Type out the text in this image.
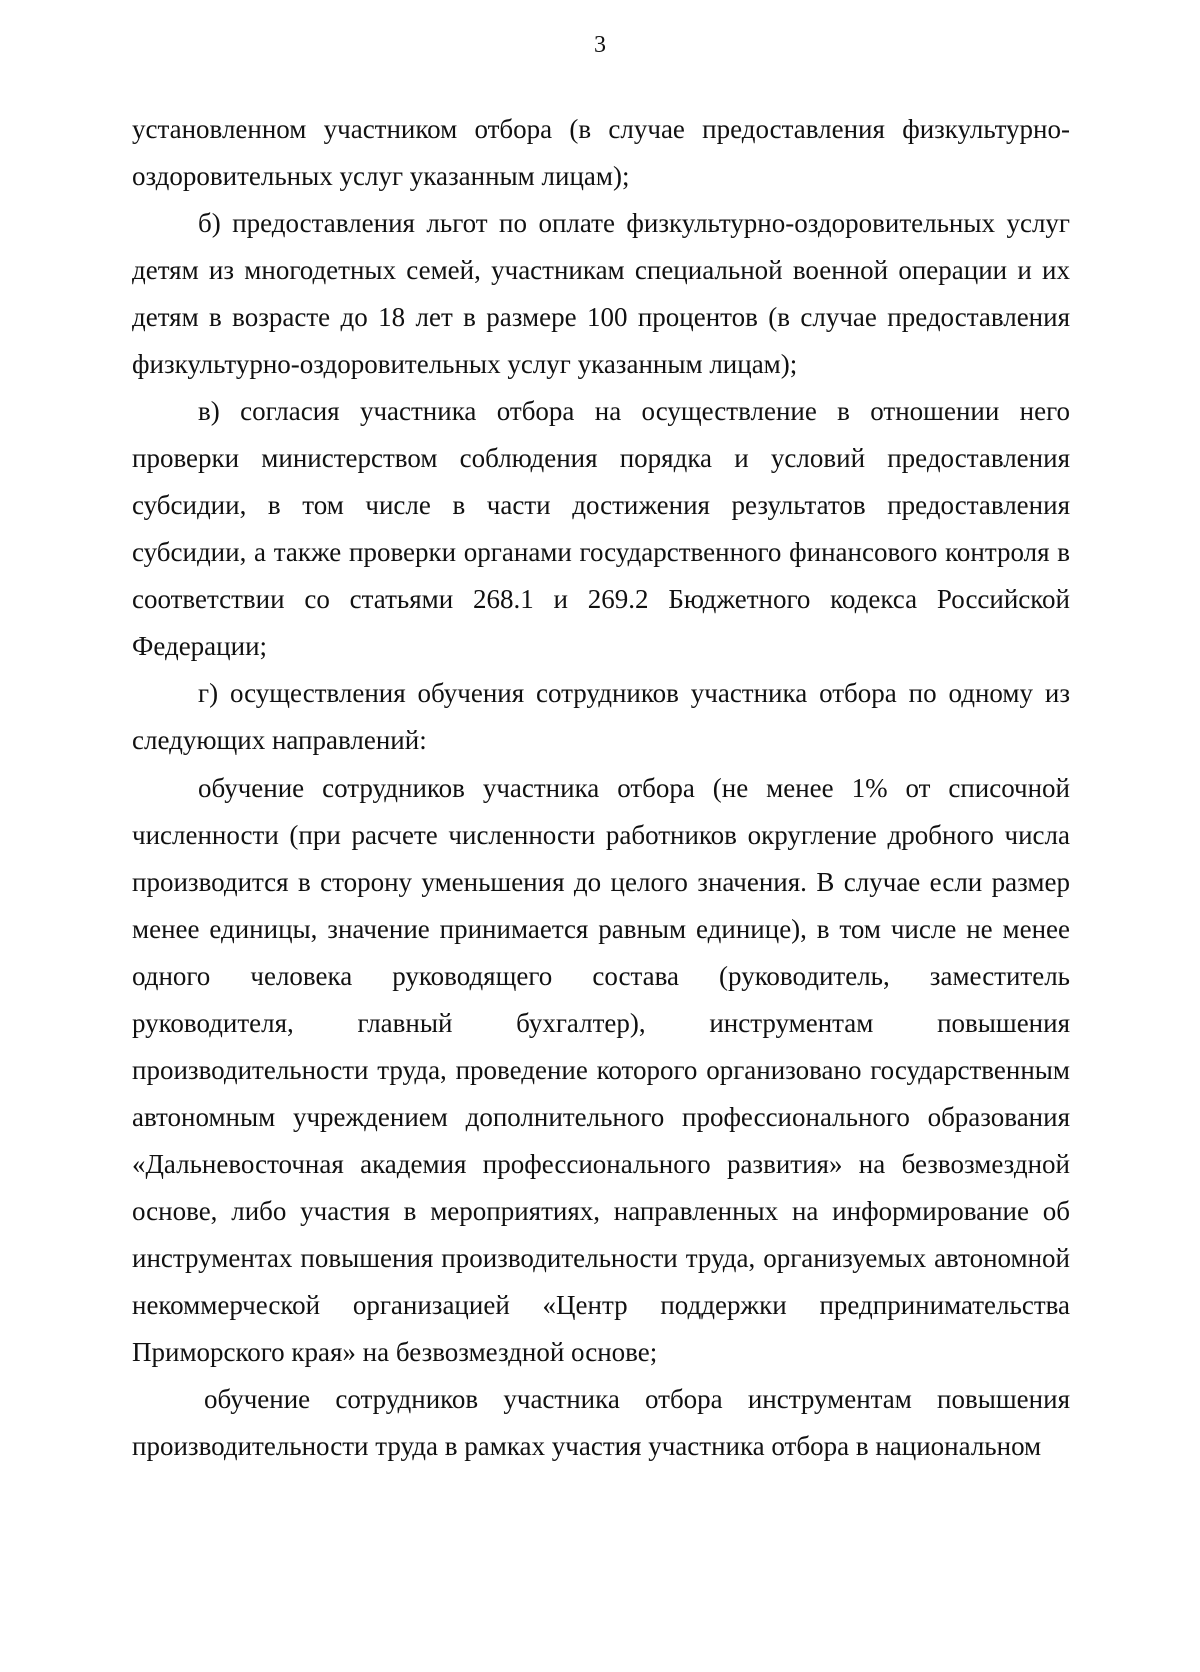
3

установленном участником отбора (в случае предоставления физкультурно-оздоровительных услуг указанным лицам);

б) предоставления льгот по оплате физкультурно-оздоровительных услуг детям из многодетных семей, участникам специальной военной операции и их детям в возрасте до 18 лет в размере 100 процентов (в случае предоставления физкультурно-оздоровительных услуг указанным лицам);

в) согласия участника отбора на осуществление в отношении него проверки министерством соблюдения порядка и условий предоставления субсидии, в том числе в части достижения результатов предоставления субсидии, а также проверки органами государственного финансового контроля в соответствии со статьями 268.1 и 269.2 Бюджетного кодекса Российской Федерации;

г) осуществления обучения сотрудников участника отбора по одному из следующих направлений:

обучение сотрудников участника отбора (не менее 1% от списочной численности (при расчете численности работников округление дробного числа производится в сторону уменьшения до целого значения. В случае если размер менее единицы, значение принимается равным единице), в том числе не менее одного человека руководящего состава (руководитель, заместитель руководителя, главный бухгалтер), инструментам повышения производительности труда, проведение которого организовано государственным автономным учреждением дополнительного профессионального образования «Дальневосточная академия профессионального развития» на безвозмездной основе, либо участия в мероприятиях, направленных на информирование об инструментах повышения производительности труда, организуемых автономной некоммерческой организацией «Центр поддержки предпринимательства Приморского края» на безвозмездной основе;

обучение сотрудников участника отбора инструментам повышения производительности труда в рамках участия участника отбора в национальном
